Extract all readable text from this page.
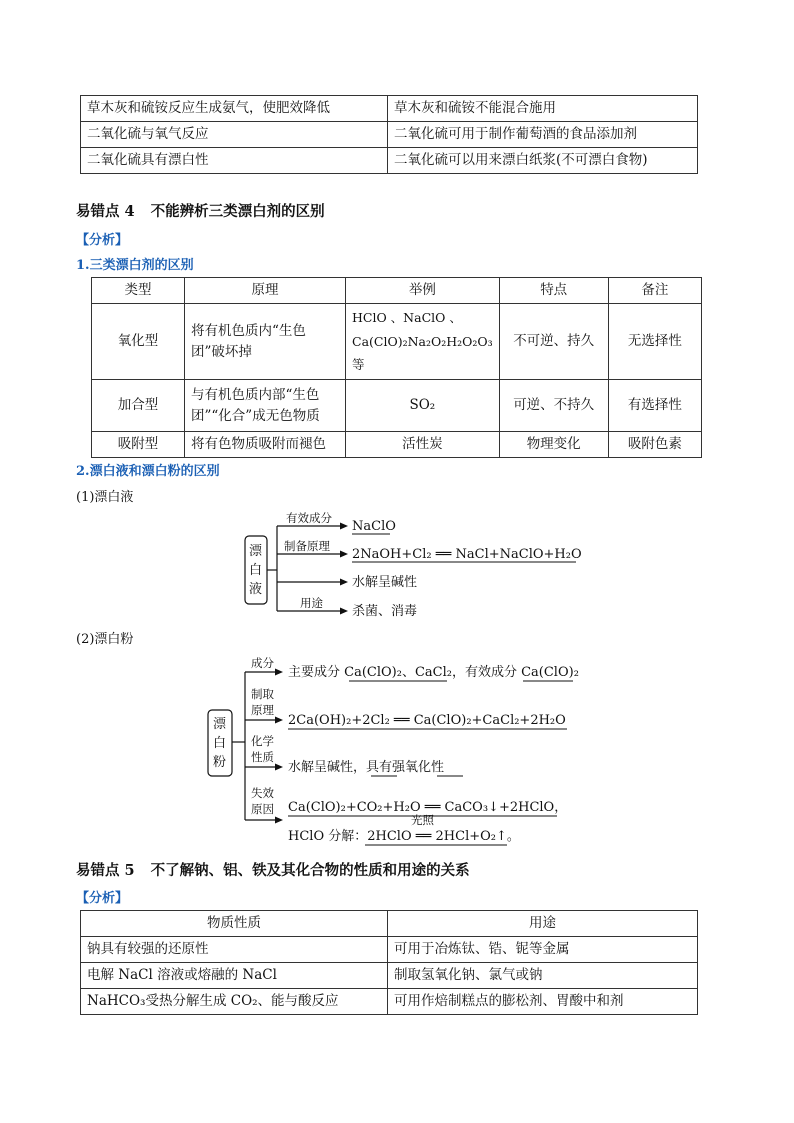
草木灰和硫铵反应生成氨气，使肥效降低	草木灰和硫铵不能混合施用
二氧化硫与氧气反应	二氧化硫可用于制作葡萄酒的食品添加剂
二氧化硫具有漂白性	二氧化硫可以用来漂白纸浆(不可漂白食物)
易错点 4 不能辨析三类漂白剂的区别
【分析】
1.三类漂白剂的区别
类型	原理	举例	特点	备注
氧化型	将有机色质内“生色团”破坏掉	HClO 、NaClO 、
Ca(ClO)₂Na₂O₂H₂O₂O₃
等	不可逆、持久	无选择性
加合型	与有机色质内部“生色团”“化合”成无色物质	SO₂	可逆、不持久	有选择性
吸附型	将有色物质吸附而褪色	活性炭	物理变化	吸附色素
2.漂白液和漂白粉的区别
(1)漂白液
漂
白
液
有效成分
制备原理
用途
NaClO
2NaOH+Cl₂ ══ NaCl+NaClO+H₂O
水解呈碱性
杀菌、消毒
(2)漂白粉
漂
白
粉
成分
制取
原理
化学
性质
失效
原因
主要成分 Ca(ClO)₂、CaCl₂，有效成分 Ca(ClO)₂
2Ca(OH)₂+2Cl₂ ══ Ca(ClO)₂+CaCl₂+2H₂O
水解呈碱性，具有强氧化性
Ca(ClO)₂+CO₂+H₂O ══ CaCO₃↓+2HClO，
光照
HClO 分解：2HClO ══ 2HCl+O₂↑。
易错点 5 不了解钠、铝、铁及其化合物的性质和用途的关系
【分析】
物质性质	用途
钠具有较强的还原性	可用于冶炼钛、锆、铌等金属
电解 NaCl 溶液或熔融的 NaCl	制取氢氧化钠、氯气或钠
NaHCO₃受热分解生成 CO₂、能与酸反应	可用作焙制糕点的膨松剂、胃酸中和剂
